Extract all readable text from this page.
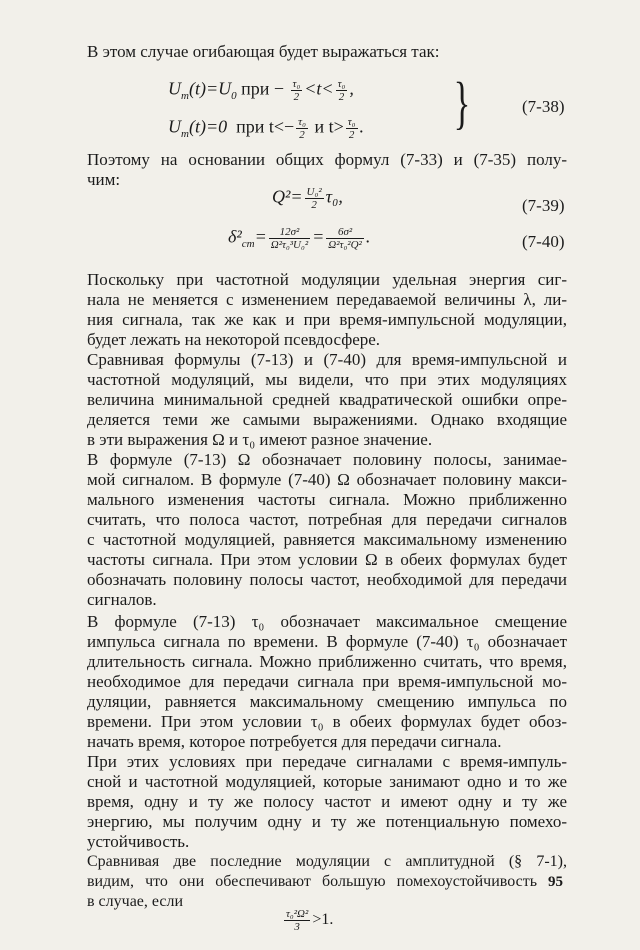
В этом случае огибающая будет выражаться так:
$U_m(t)=U_0$ при − $\frac{\text{τ₀}}{2} <t< \frac{\text{τ₀}}{2}$ ,
$U_m(t)=0$ при $t<- \frac{\text{τ₀}}{2}$ и $t> \frac{\text{τ₀}}{2}$ . }	(7-38)
Поэтому на основании общих формул (7-33) и (7-35) полу-
чим:
$Q^2= \frac{\text{U₀²}}{2} \tau_0$,	(7-39)
$\delta^2_{cm}= \frac{\text{12σ²}}{\text{Ω²τ₀³U₀²}} = \frac{\text{6σ²}}{\text{Ω²τ₀²Q²}}$ .	(7-40)
Поскольку при частотной модуляции удельная энергия сиг-
нала не меняется с изменением передаваемой величины λ, ли-
ния сигнала, так же как и при время-импульсной модуляции,
будет лежать на некоторой псевдосфере.
Сравнивая формулы (7-13) и (7-40) для время-импульсной и
частотной модуляций, мы видели, что при этих модуляциях
величина минимальной средней квадратической ошибки опре-
деляется теми же самыми выражениями. Однако входящие
в эти выражения Ω и τ₀ имеют разное значение.
В формуле (7-13) Ω обозначает половину полосы, занимае-
мой сигналом. В формуле (7-40) Ω обозначает половину макси-
мального изменения частоты сигнала. Можно приближенно
считать, что полоса частот, потребная для передачи сигналов
с частотной модуляцией, равняется максимальному изменению
частоты сигнала. При этом условии Ω в обеих формулах будет
обозначать половину полосы частот, необходимой для передачи
сигналов.
В формуле (7-13) τ₀ обозначает максимальное смещение
импульса сигнала по времени. В формуле (7-40) τ₀ обозначает
длительность сигнала. Можно приближенно считать, что время,
необходимое для передачи сигнала при время-импульсной мо-
дуляции, равняется максимальному смещению импульса по
времени. При этом условии τ₀ в обеих формулах будет обоз-
начать время, которое потребуется для передачи сигнала.
При этих условиях при передаче сигналами с время-импуль-
сной и частотной модуляцией, которые занимают одно и то же
время, одну и ту же полосу частот и имеют одну и ту же
энергию, мы получим одну и ту же потенциальную помехо-
устойчивость.
Сравнивая две последние модуляции с амплитудной (§ 7-1),
видим, что они обеспечивают большую помехоустойчивость
в случае, если
$\frac{\text{τ₀²Ω²}}{3} >1$.
95
